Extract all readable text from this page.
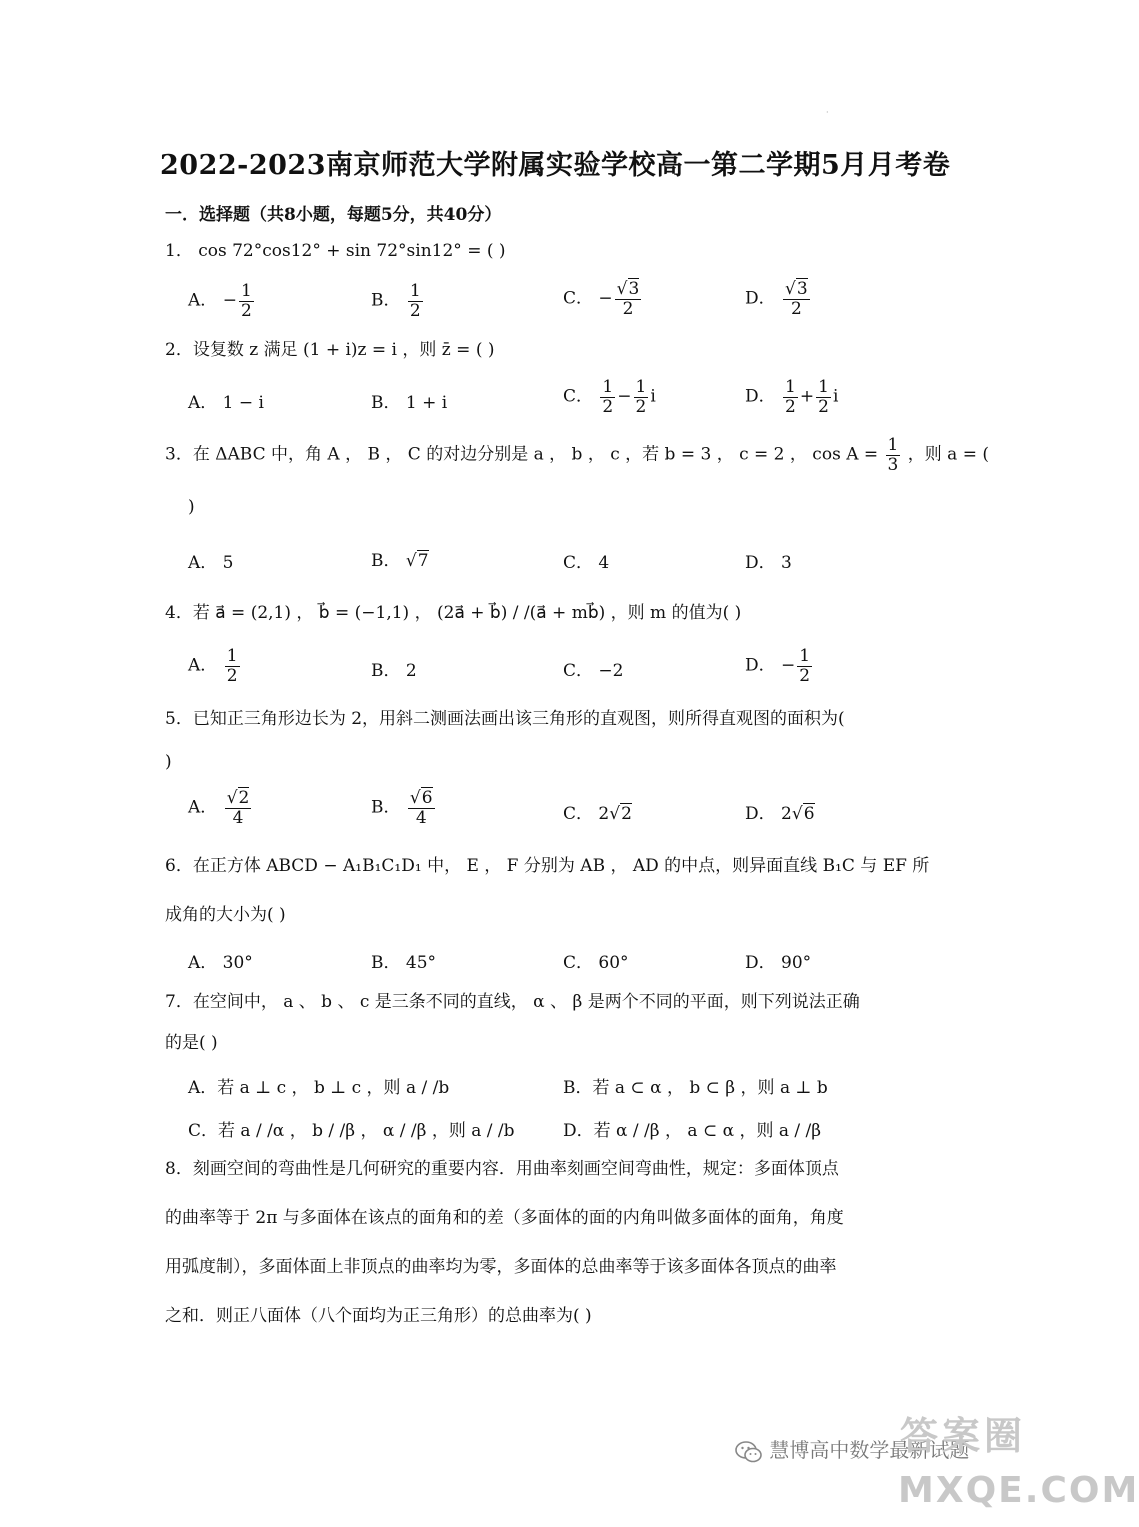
·
2022-2023南京师范大学附属实验学校高一第二学期5月月考卷
一．选择题（共8小题，每题5分，共40分）
1． cos 72°cos12° + sin 72°sin12° = ( )
A． − $\frac{1}{2}$	B． $\frac{1}{2}$	C． − $\frac{√3}{2}$	D． $\frac{√3}{2}$
2．设复数 z 满足 (1 + i)z = i ，则 z̄ = ( )
A． 1 − i	B． 1 + i	C． $\frac{1}{2} - \frac{1}{2}$ i	D． $\frac{1}{2} + \frac{1}{2}$ i
3．在 ΔABC 中，角 A ， B ， C 的对边分别是 a ， b ， c ，若 b = 3 ， c = 2 ， $\cos A = \frac{1}{3}$ ，则 a = (
)
A． 5	B． √7	C． 4	D． 3
4．若 a⃗ = (2,1) ， b⃗ = (−1,1) ， (2a⃗ + b⃗) / /(a⃗ + mb⃗) ，则 m 的值为( )
A． $\frac{1}{2}$	B． 2	C． −2	D． − $\frac{1}{2}$
5．已知正三角形边长为 2，用斜二测画法画出该三角形的直观图，则所得直观图的面积为(
)
A． $\frac{√2}{4}$	B． $\frac{√6}{4}$	C． 2√2	D． 2√6
6．在正方体 ABCD − A₁B₁C₁D₁ 中， E ， F 分别为 AB ， AD 的中点，则异面直线 B₁C 与 EF 所
成角的大小为( )
A． 30°	B． 45°	C． 60°	D． 90°
7．在空间中， a 、 b 、 c 是三条不同的直线， α 、 β 是两个不同的平面，则下列说法正确
的是( )
A．若 a ⊥ c ， b ⊥ c ，则 a / /b	B．若 a ⊂ α ， b ⊂ β ，则 a ⊥ b
C．若 a / /α ， b / /β ， α / /β ，则 a / /b	D．若 α / /β ， a ⊂ α ，则 a / /β
8．刻画空间的弯曲性是几何研究的重要内容．用曲率刻画空间弯曲性，规定：多面体顶点
的曲率等于 2π 与多面体在该点的面角和的差（多面体的面的内角叫做多面体的面角，角度
用弧度制），多面体面上非顶点的曲率均为零，多面体的总曲率等于该多面体各顶点的曲率
之和．则正八面体（八个面均为正三角形）的总曲率为( )
慧博高中数学最新试题
答案圈
MXQE.COM
